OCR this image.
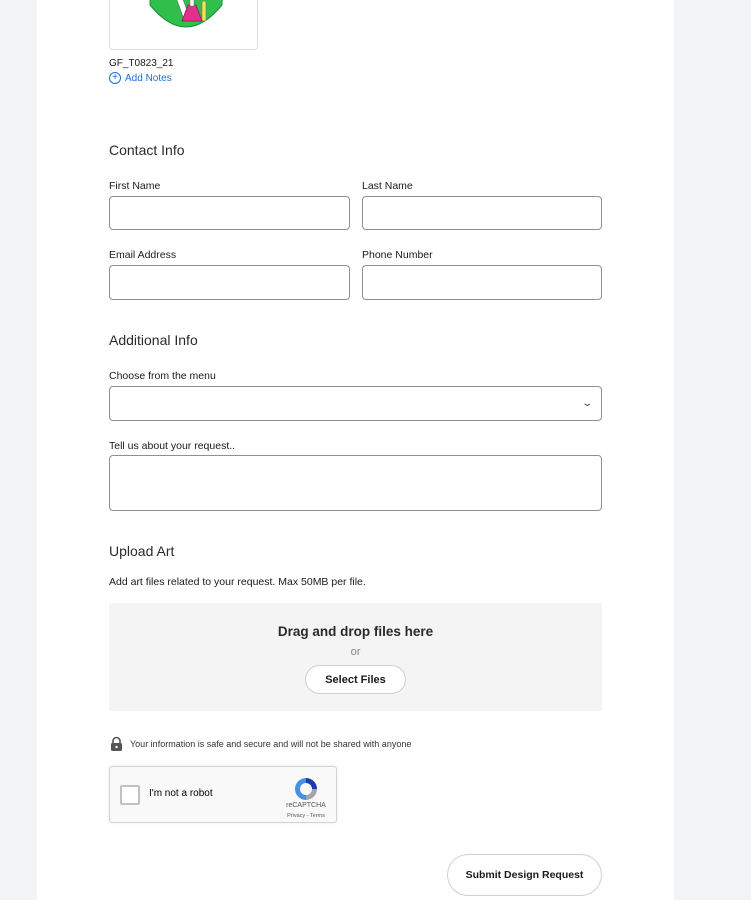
GF_T0823_21
+ Add Notes
Contact Info
First Name	Last Name
Email Address	Phone Number
Additional Info
Choose from the menu
⌄
Tell us about your request..
Upload Art
Add art files related to your request. Max 50MB per file.
Drag and drop files here
or
Select Files
Your information is safe and secure and will not be shared with anyone
I'm not a robot
reCAPTCHA
Privacy - Terms
Submit Design Request
